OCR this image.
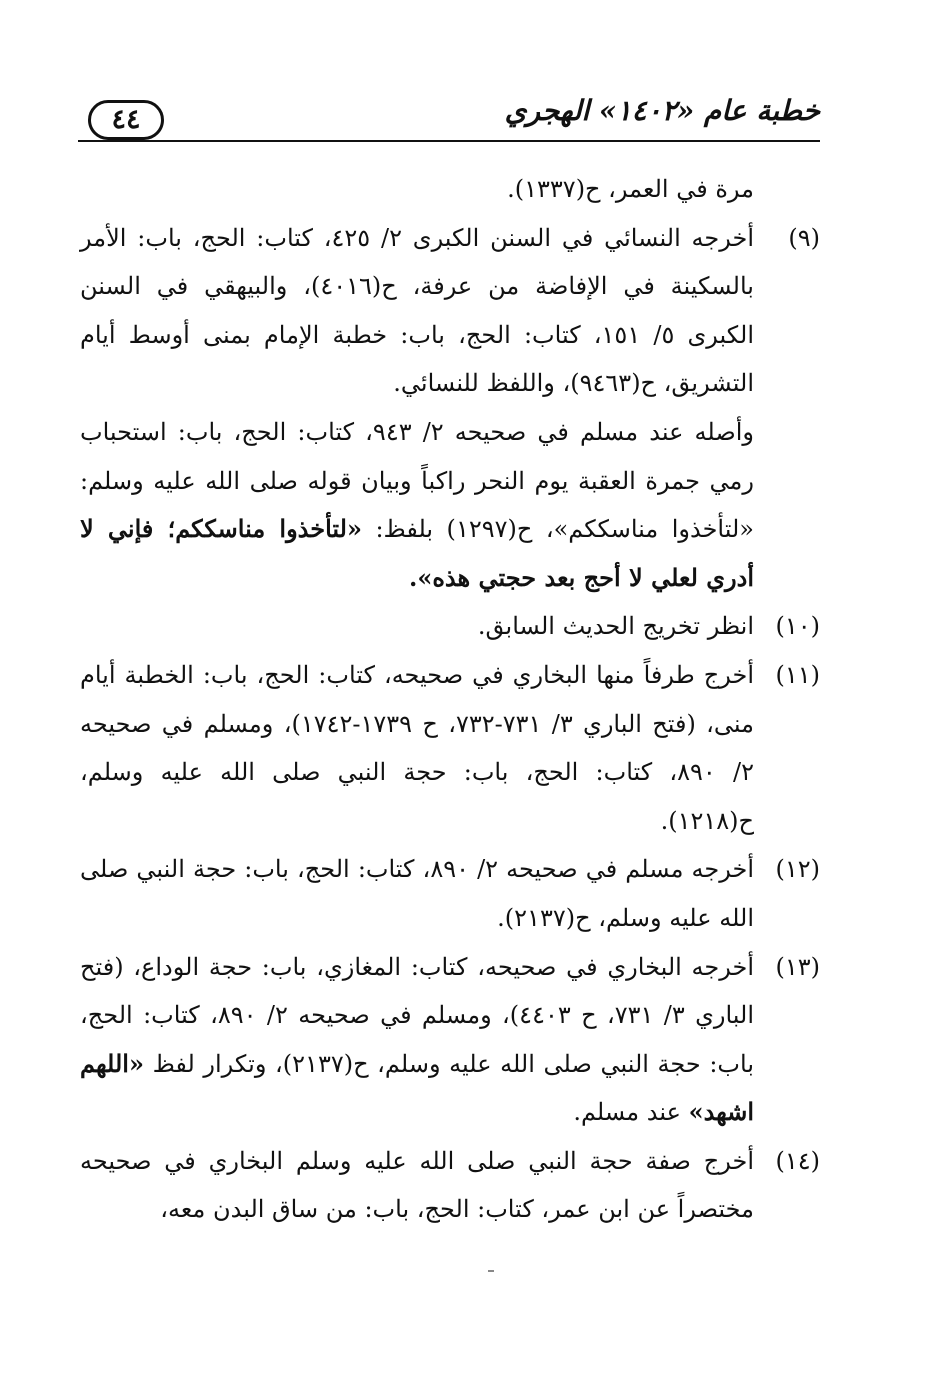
٤٤	خطبة عام «١٤٠٢» الهجري

مرة في العمر، ح(١٣٣٧).

(٩)أخرجه النسائي في السنن الكبرى ٢/ ٤٢٥، كتاب: الحج، باب: الأمر بالسكينة في الإفاضة من عرفة، ح(٤٠١٦)، والبيهقي في السنن الكبرى ٥/ ١٥١، كتاب: الحج، باب: خطبة الإمام بمنى أوسط أيام التشريق، ح(٩٤٦٣)، واللفظ للنسائي.

وأصله عند مسلم في صحيحه ٢/ ٩٤٣، كتاب: الحج، باب: استحباب رمي جمرة العقبة يوم النحر راكباً وبيان قوله صلى الله عليه وسلم: «لتأخذوا مناسككم»، ح(١٢٩٧) بلفظ: «لتأخذوا مناسككم؛ فإني لا أدري لعلي لا أحج بعد حجتي هذه».

(١٠)انظر تخريج الحديث السابق.

(١١)أخرج طرفاً منها البخاري في صحيحه، كتاب: الحج، باب: الخطبة أيام منى، (فتح الباري ٣/ ٧٣١-٧٣٢، ح ١٧٣٩-١٧٤٢)، ومسلم في صحيحه ٢/ ٨٩٠، كتاب: الحج، باب: حجة النبي صلى الله عليه وسلم، ح(١٢١٨).

(١٢)أخرجه مسلم في صحيحه ٢/ ٨٩٠، كتاب: الحج، باب: حجة النبي صلى الله عليه وسلم، ح(٢١٣٧).

(١٣)أخرجه البخاري في صحيحه، كتاب: المغازي، باب: حجة الوداع، (فتح الباري ٣/ ٧٣١، ح ٤٤٠٣)، ومسلم في صحيحه ٢/ ٨٩٠، كتاب: الحج، باب: حجة النبي صلى الله عليه وسلم، ح(٢١٣٧)، وتكرار لفظ «اللهم اشهد» عند مسلم.

(١٤)أخرج صفة حجة النبي صلى الله عليه وسلم البخاري في صحيحه مختصراً عن ابن عمر، كتاب: الحج، باب: من ساق البدن معه،
